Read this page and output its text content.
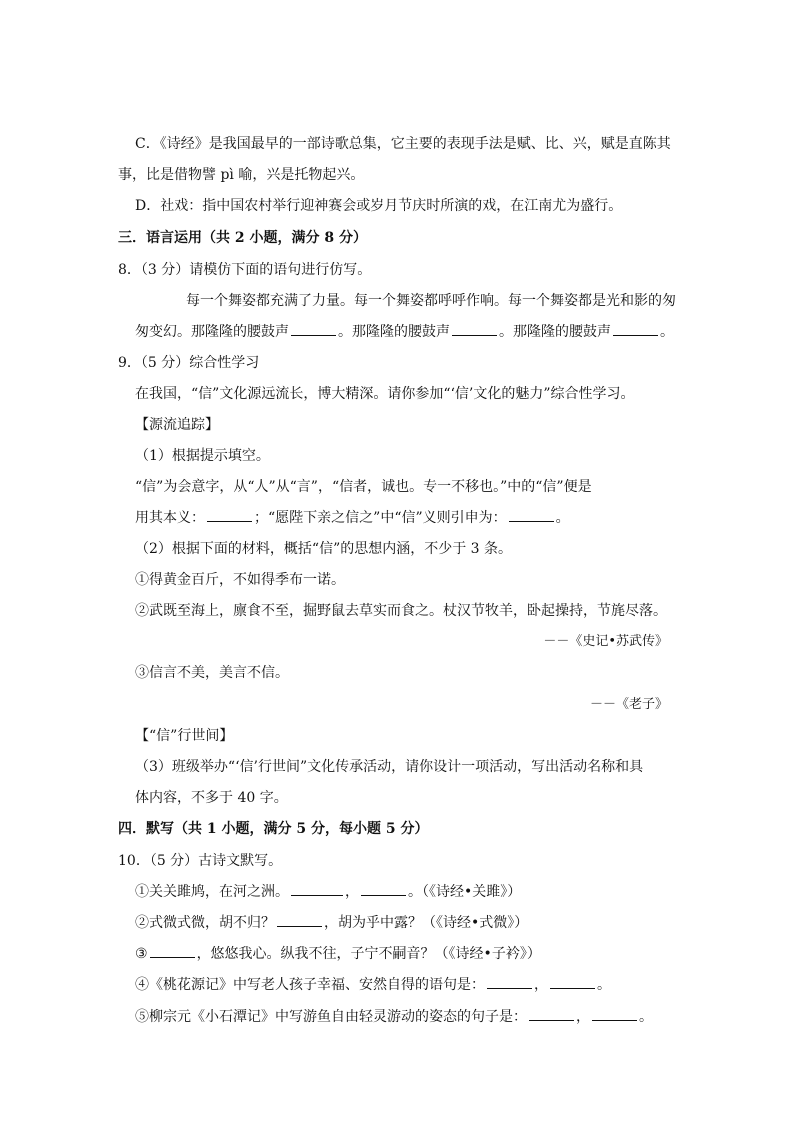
C．《诗经》是我国最早的一部诗歌总集，它主要的表现手法是赋、比、兴，赋是直陈其
事，比是借物譬 pì 喻，兴是托物起兴。
D．社戏：指中国农村举行迎神赛会或岁月节庆时所演的戏，在江南尤为盛行。
三．语言运用（共 2 小题，满分 8 分）
8．（3 分）请模仿下面的语句进行仿写。
每一个舞姿都充满了力量。每一个舞姿都呼呼作响。每一个舞姿都是光和影的匆
匆变幻。那隆隆的腰鼓声	。那隆隆的腰鼓声	。那隆隆的腰鼓声	。
9．（5 分）综合性学习
在我国，“信”文化源远流长，博大精深。请你参加“‘信’文化的魅力”综合性学习。
【源流追踪】
（1）根据提示填空。
“信”为会意字，从“人”从“言”，“信者，诚也。专一不移也。”中的“信”便是
用其本义：	；“愿陛下亲之信之”中“信”义则引申为：	。
（2）根据下面的材料，概括“信”的思想内涵，不少于 3 条。
①得黄金百斤，不如得季布一诺。
②武既至海上，廪食不至，掘野鼠去草实而食之。杖汉节牧羊，卧起操持，节旄尽落。
－－《史记•苏武传》
③信言不美，美言不信。
－－《老子》
【“信”行世间】
（3）班级举办“‘信’行世间”文化传承活动，请你设计一项活动，写出活动名称和具
体内容，不多于 40 字。
四．默写（共 1 小题，满分 5 分，每小题 5 分）
10．（5 分）古诗文默写。
①关关雎鸠，在河之洲。	，	。（《诗经•关雎》）
②式微式微，胡不归？	，胡为乎中露？（《诗经•式微》）
③	，悠悠我心。纵我不往，子宁不嗣音？（《诗经•子衿》）
④《桃花源记》中写老人孩子幸福、安然自得的语句是：	，	。
⑤柳宗元《小石潭记》中写游鱼自由轻灵游动的姿态的句子是：	，	。
